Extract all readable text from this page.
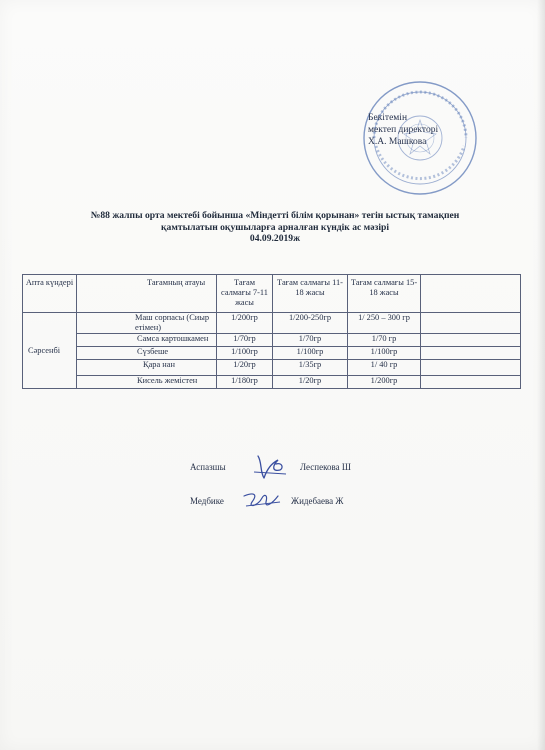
Бекітемін
мектеп директорі
Х.А. Машкова
№88 жалпы орта мектебі бойынша «Міндетті білім қорынан» тегін ыстық тамақпен
қамтылатын оқушыларға арналған күндік ас мәзірі
04.09.2019ж
Апта күндері	Тағамның атауы	Тағам салмағы 7-11 жасы	Тағам салмағы 11-18 жасы	Тағам салмағы 15-18 жасы	
Сәрсенбі	Маш сорпасы (Сиыр етімен)	1/200гр	1/200-250гр	1/ 250 – 300 гр	
	Самса картошкамен	1/70гр	1/70гр	1/70 гр	
	Сүзбеше	1/100гр	1/100гр	1/100гр	
	Қара нан	1/20гр	1/35гр	1/ 40 гр	
	Кисель жемістен	1/180гр	1/20гр	1/200гр	
Аспазшы	Леспекова Ш
Медбике	Жидебаева Ж
